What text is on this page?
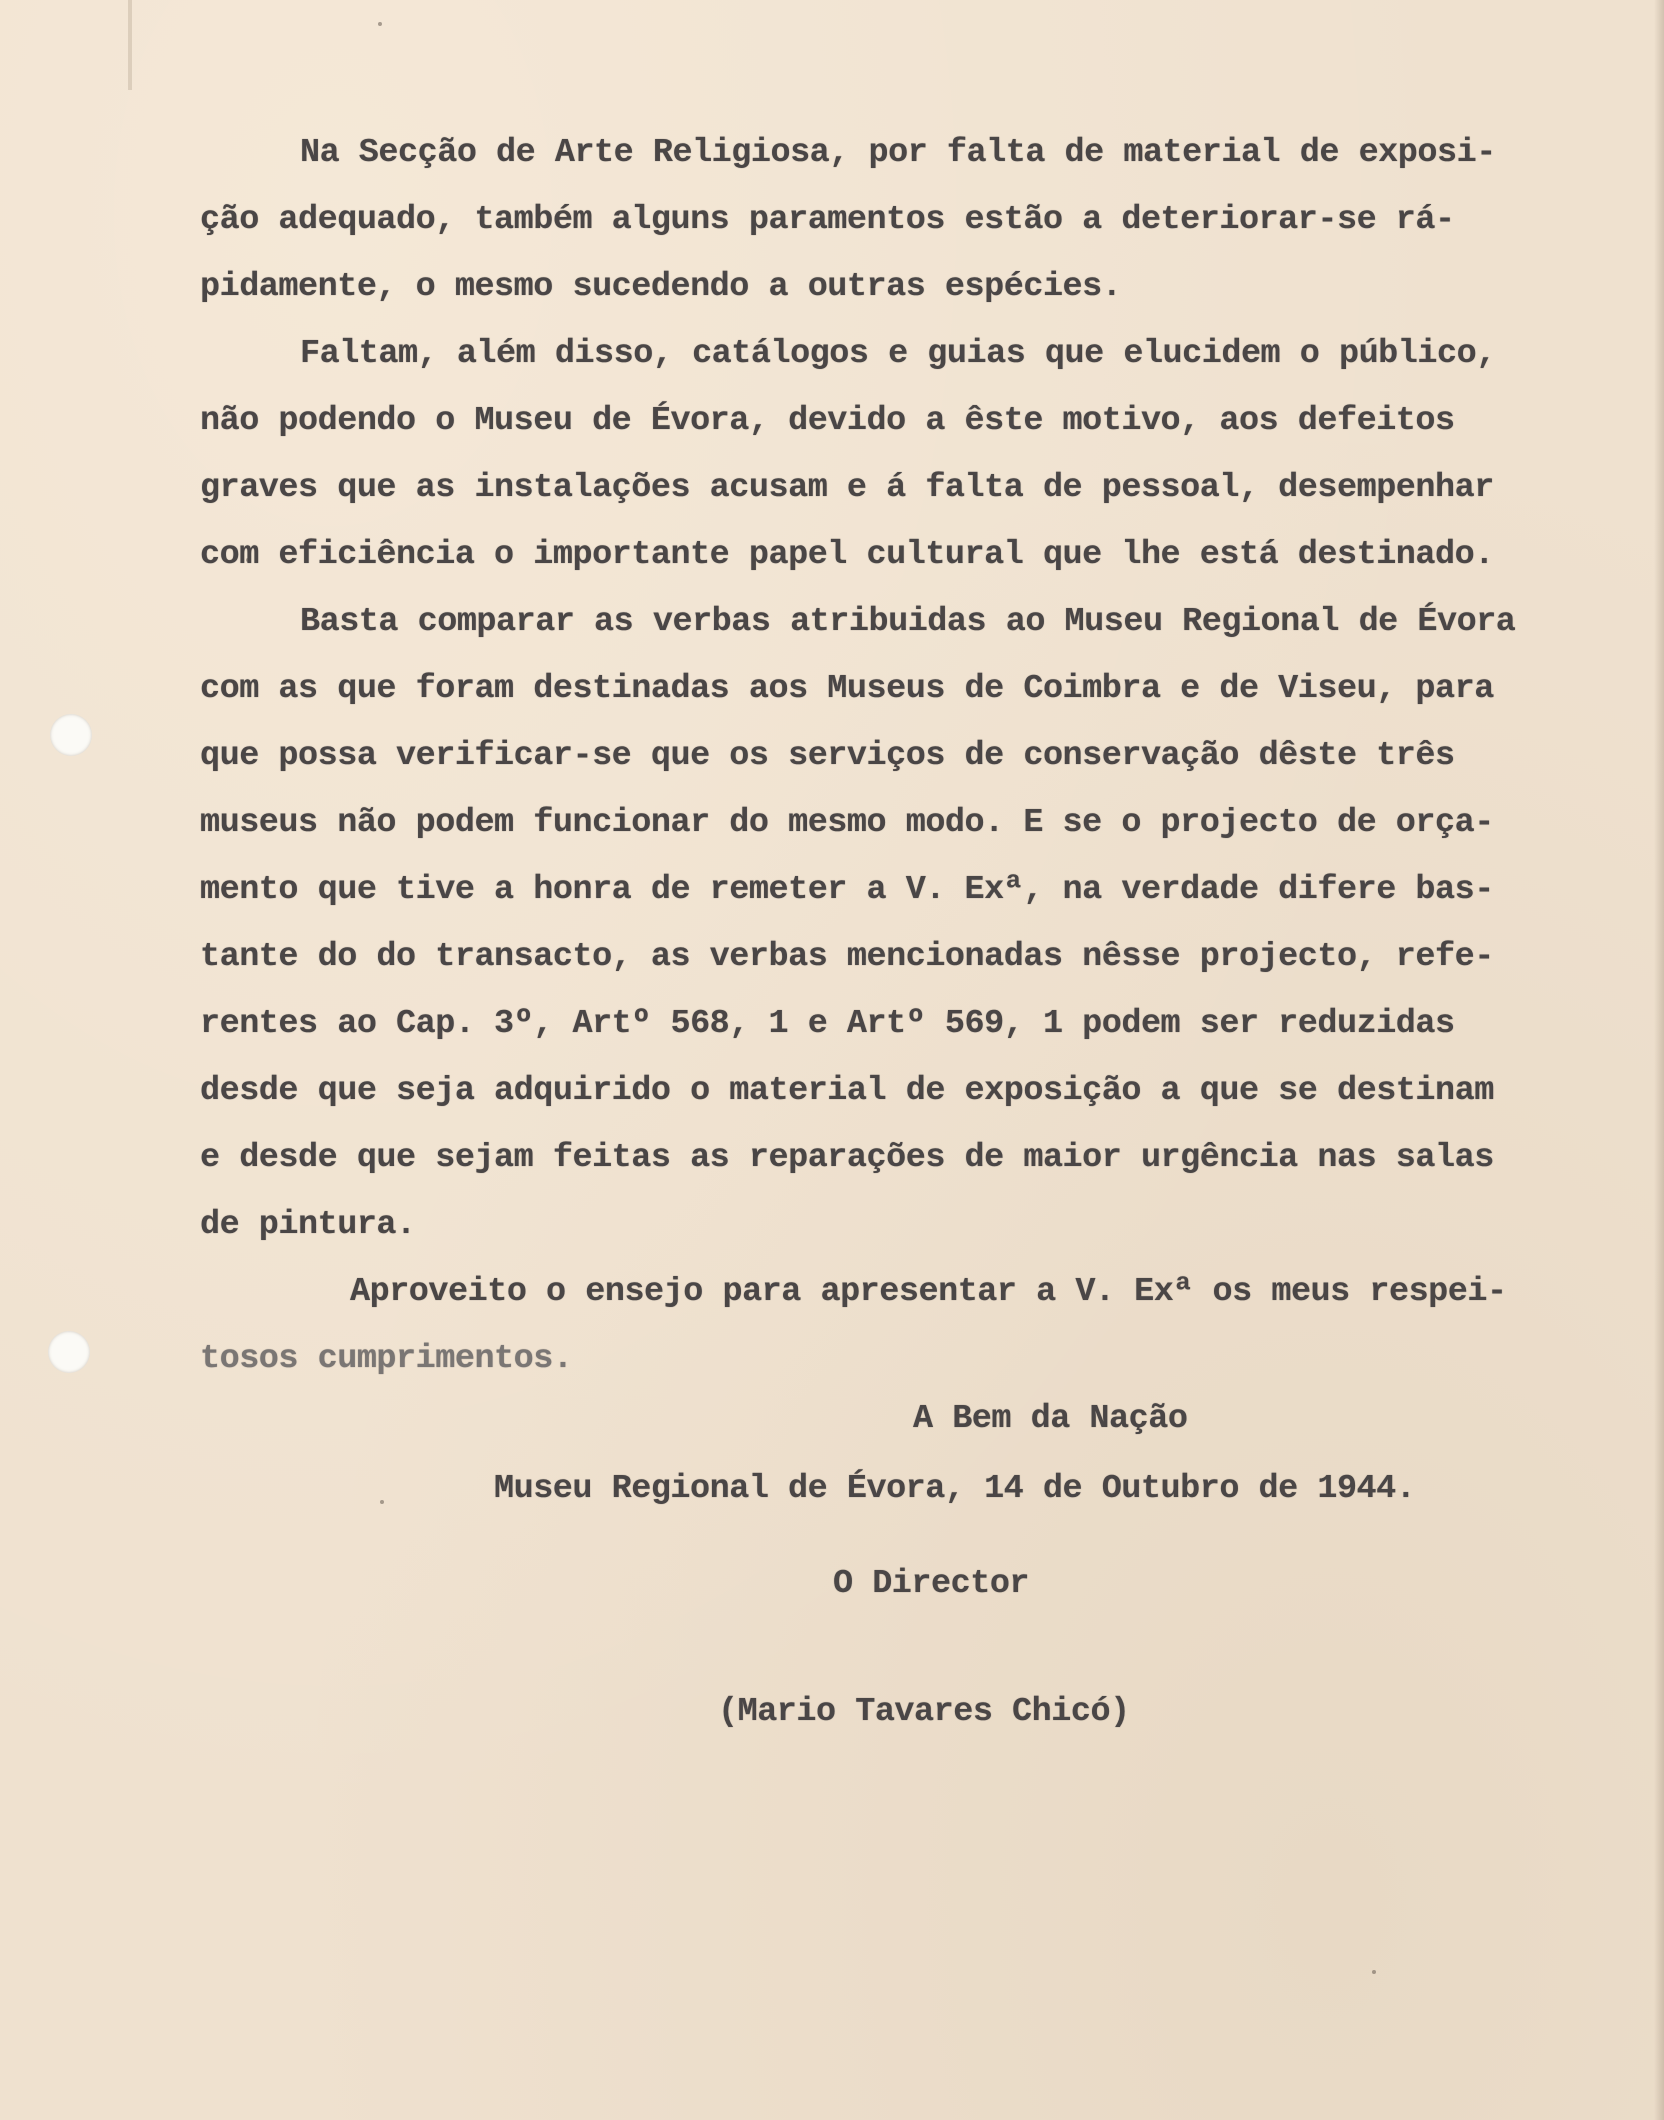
Na Secção de Arte Religiosa, por falta de material de exposi-
ção adequado, também alguns paramentos estão a deteriorar-se rá-
pidamente, o mesmo sucedendo a outras espécies.
Faltam, além disso, catálogos e guias que elucidem o público,
não podendo o Museu de Évora, devido a êste motivo, aos defeitos
graves que as instalações acusam e á falta de pessoal, desempenhar
com eficiência o importante papel cultural que lhe está destinado.
Basta comparar as verbas atribuidas ao Museu Regional de Évora
com as que foram destinadas aos Museus de Coimbra e de Viseu, para
que possa verificar-se que os serviços de conservação dêste três
museus não podem funcionar do mesmo modo. E se o projecto de orça-
mento que tive a honra de remeter a V. Exª, na verdade difere bas-
tante do do transacto, as verbas mencionadas nêsse projecto, refe-
rentes ao Cap. 3º, Artº 568, 1 e Artº 569, 1 podem ser reduzidas
desde que seja adquirido o material de exposição a que se destinam
e desde que sejam feitas as reparações de maior urgência nas salas
de pintura.
Aproveito o ensejo para apresentar a V. Exª os meus respei-
tosos cumprimentos.
A Bem da Nação
Museu Regional de Évora, 14 de Outubro de 1944.
O Director
(Mario Tavares Chicó)
